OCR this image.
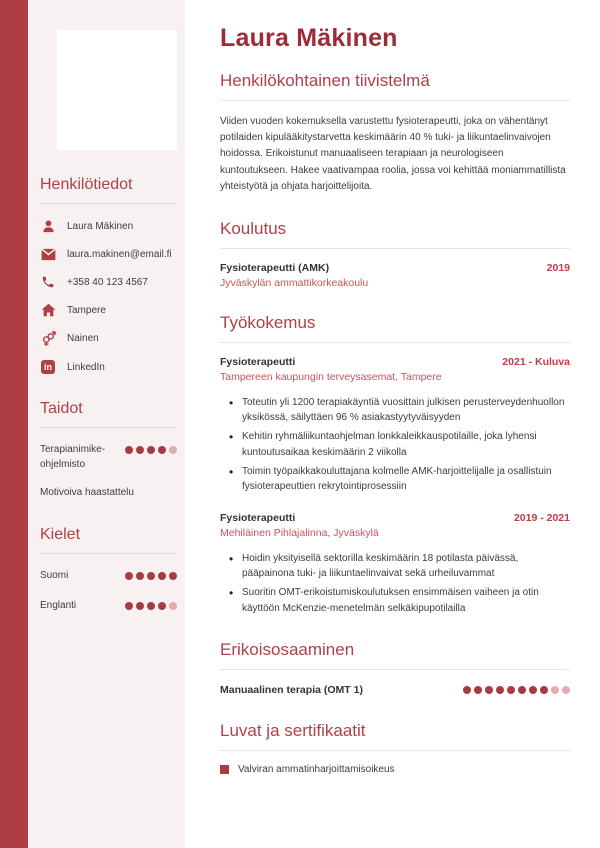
Henkilötiedot
Laura Mäkinen
laura.makinen@email.fi
+358 40 123 4567
Tampere
Nainen
in	LinkedIn
Taidot
Terapianimike-ohjelmisto
Motivoiva haastattelu
Kielet
Suomi
Englanti
Laura Mäkinen
Henkilökohtainen tiivistelmä

Viiden vuoden kokemuksella varustettu fysioterapeutti, joka on vähentänyt potilaiden kipulääkitystarvetta keskimäärin 40 % tuki- ja liikuntaelinvaivojen hoidossa. Erikoistunut manuaaliseen terapiaan ja neurologiseen kuntoutukseen. Hakee vaativampaa roolia, jossa voi kehittää moniammatillista yhteistyötä ja ohjata harjoittelijoita.

Koulutus
Fysioterapeutti (AMK)	2019
Jyväskylän ammattikorkeakoulu
Työkokemus
Fysioterapeutti	2021 - Kuluva
Tampereen kaupungin terveysasemat, Tampere
• Toteutin yli 1200 terapiakäyntiä vuosittain julkisen perusterveydenhuollon yksikössä, säilyttäen 96 % asiakastyytyväisyyden
• Kehitin ryhmäliikuntaohjelman lonkkaleikkauspotilaille, joka lyhensi kuntoutusaikaa keskimäärin 2 viikolla
• Toimin työpaikkakouluttajana kolmelle AMK-harjoittelijalle ja osallistuin fysioterapeuttien rekrytointiprosessiin
Fysioterapeutti	2019 - 2021
Mehiläinen Pihlajalinna, Jyväskylä
• Hoidin yksityisellä sektorilla keskimäärin 18 potilasta päivässä, pääpainona tuki- ja liikuntaelinvaivat sekä urheiluvammat
• Suoritin OMT-erikoistumiskoulutuksen ensimmäisen vaiheen ja otin käyttöön McKenzie-menetelmän selkäkipupotilailla
Erikoisosaaminen
Manuaalinen terapia (OMT 1)
Luvat ja sertifikaatit
Valviran ammatinharjoittamisoikeus
